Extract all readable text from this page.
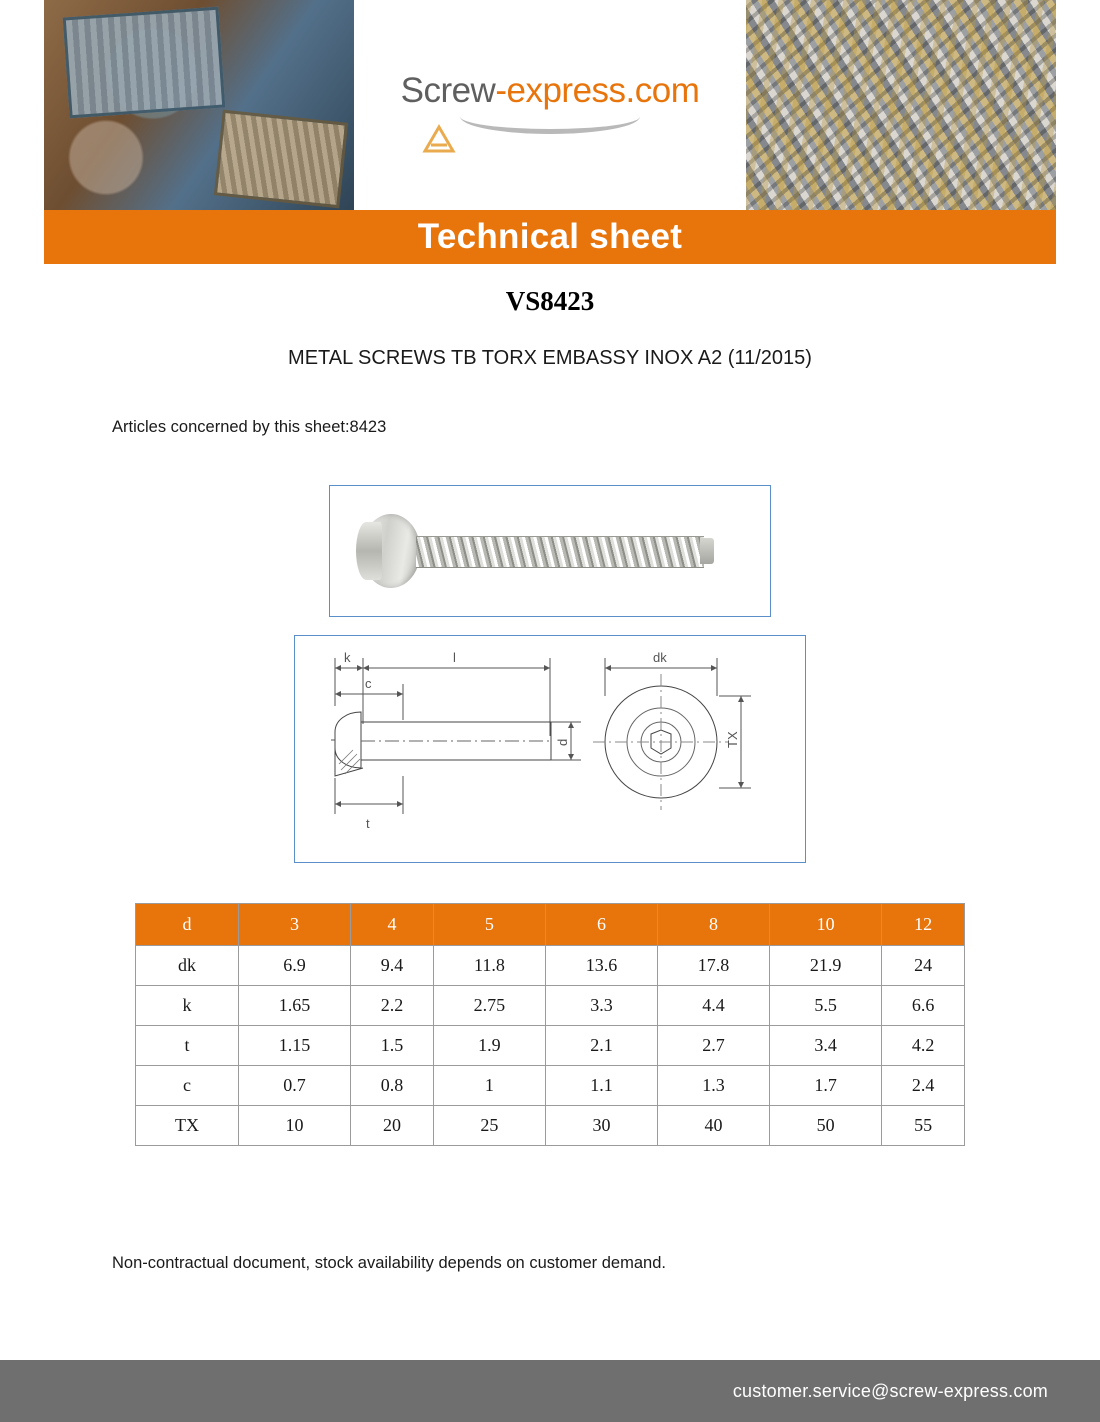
Screw-express.com
Technical sheet
VS8423
METAL SCREWS TB TORX EMBASSY INOX A2 (11/2015)
Articles concerned by this sheet:8423
k	l
c
t
d
dk
TX
d	3	4	5	6	8	10	12
dk	6.9	9.4	11.8	13.6	17.8	21.9	24
k	1.65	2.2	2.75	3.3	4.4	5.5	6.6
t	1.15	1.5	1.9	2.1	2.7	3.4	4.2
c	0.7	0.8	1	1.1	1.3	1.7	2.4
TX	10	20	25	30	40	50	55
Non-contractual document, stock availability depends on customer demand.
customer.service@screw-express.com
